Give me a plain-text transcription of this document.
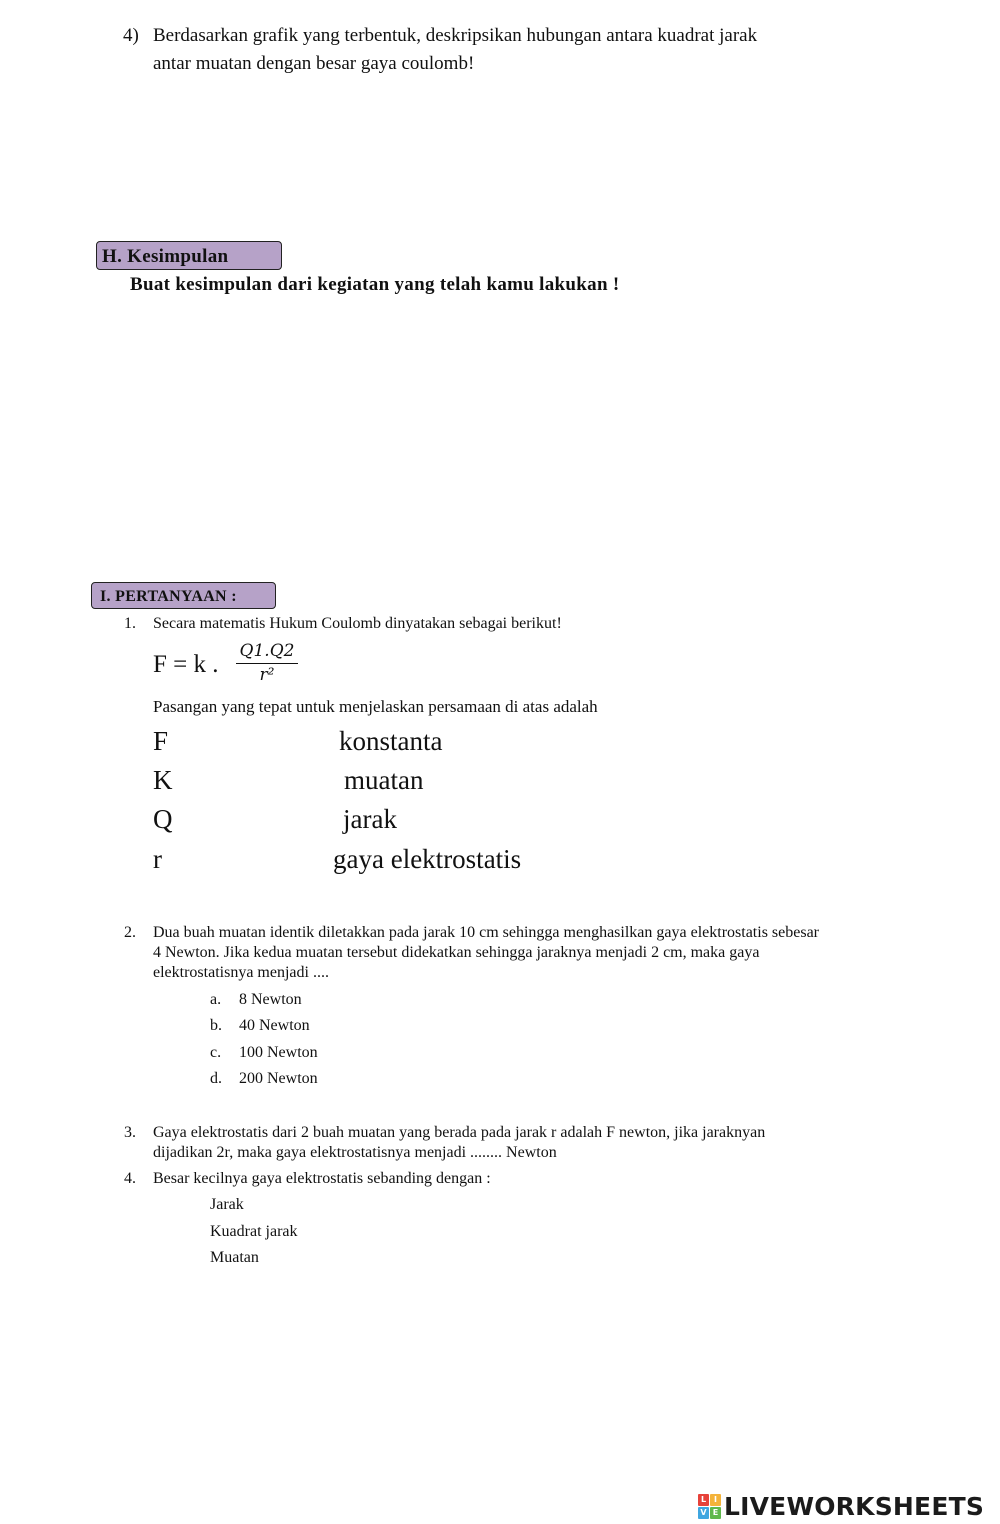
4) Berdasarkan grafik yang terbentuk, deskripsikan hubungan antara kuadrat jarak
antar muatan dengan besar gaya coulomb!
H. Kesimpulan
Buat kesimpulan dari kegiatan yang telah kamu lakukan !
I. PERTANYAAN :
1. Secara matematis Hukum Coulomb dinyatakan sebagai berikut!
F = k . Q1.Q2
r²
Pasangan yang tepat untuk menjelaskan persamaan di atas adalah
F
K
Q
r
konstanta
muatan
jarak
gaya elektrostatis
2. Dua buah muatan identik diletakkan pada jarak 10 cm sehingga menghasilkan gaya elektrostatis sebesar
4 Newton. Jika kedua muatan tersebut didekatkan sehingga jaraknya menjadi 2 cm, maka gaya
elektrostatisnya menjadi ....
a. 8 Newton
b. 40 Newton
c. 100 Newton
d. 200 Newton
3. Gaya elektrostatis dari 2 buah muatan yang berada pada jarak r adalah F newton, jika jaraknyan
dijadikan 2r, maka gaya elektrostatisnya menjadi ........ Newton
4. Besar kecilnya gaya elektrostatis sebanding dengan :
Jarak
Kuadrat jarak
Muatan
L I
V E LIVEWORKSHEETS
